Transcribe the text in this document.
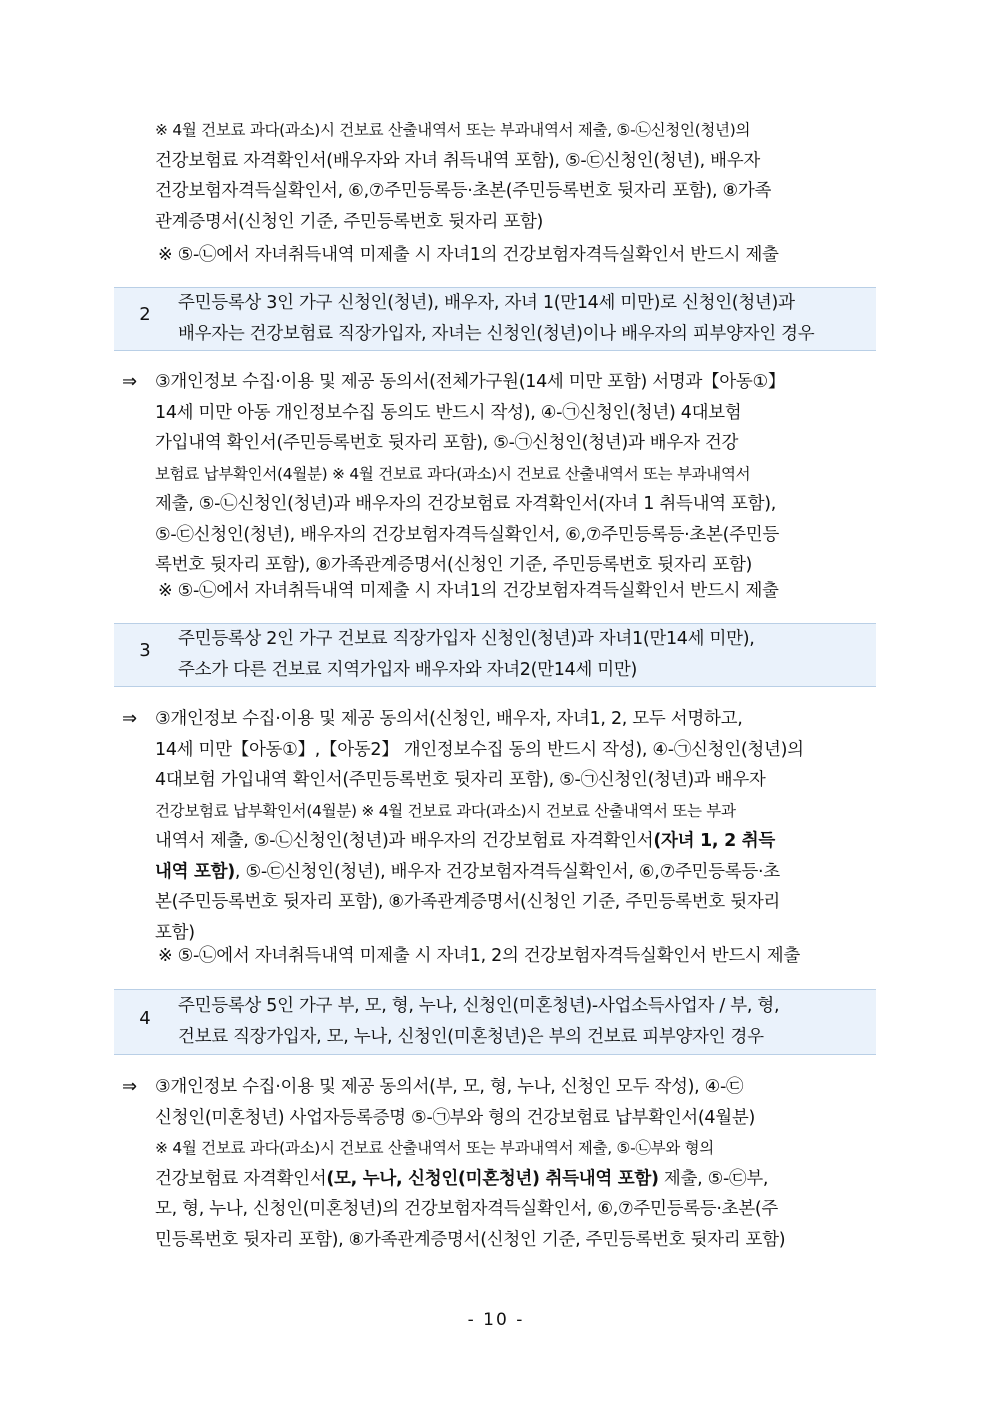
※ 4월 건보료 과다(과소)시 건보료 산출내역서 또는 부과내역서 제출, ⑤-㉡신청인(청년)의
건강보험료 자격확인서(배우자와 자녀 취득내역 포함), ⑤-㉢신청인(청년), 배우자
건강보험자격득실확인서, ⑥,⑦주민등록등·초본(주민등록번호 뒷자리 포함), ⑧가족
관계증명서(신청인 기준, 주민등록번호 뒷자리 포함)
※ ⑤-㉡에서 자녀취득내역 미제출 시 자녀1의 건강보험자격득실확인서 반드시 제출
2
주민등록상 3인 가구 신청인(청년), 배우자, 자녀 1(만14세 미만)로 신청인(청년)과
배우자는 건강보험료 직장가입자, 자녀는 신청인(청년)이나 배우자의 피부양자인 경우
⇒ ③개인정보 수집·이용 및 제공 동의서(전체가구원(14세 미만 포함) 서명과【아동①】
14세 미만 아동 개인정보수집 동의도 반드시 작성), ④-㉠신청인(청년) 4대보험
가입내역 확인서(주민등록번호 뒷자리 포함), ⑤-㉠신청인(청년)과 배우자 건강
보험료 납부확인서(4월분) ※ 4월 건보료 과다(과소)시 건보료 산출내역서 또는 부과내역서
제출, ⑤-㉡신청인(청년)과 배우자의 건강보험료 자격확인서(자녀 1 취득내역 포함),
⑤-㉢신청인(청년), 배우자의 건강보험자격득실확인서, ⑥,⑦주민등록등·초본(주민등
록번호 뒷자리 포함), ⑧가족관계증명서(신청인 기준, 주민등록번호 뒷자리 포함)
※ ⑤-㉡에서 자녀취득내역 미제출 시 자녀1의 건강보험자격득실확인서 반드시 제출
3
주민등록상 2인 가구 건보료 직장가입자 신청인(청년)과 자녀1(만14세 미만),
주소가 다른 건보료 지역가입자 배우자와 자녀2(만14세 미만)
⇒ ③개인정보 수집·이용 및 제공 동의서(신청인, 배우자, 자녀1, 2, 모두 서명하고,
14세 미만【아동①】,【아동2】 개인정보수집 동의 반드시 작성), ④-㉠신청인(청년)의
4대보험 가입내역 확인서(주민등록번호 뒷자리 포함), ⑤-㉠신청인(청년)과 배우자
건강보험료 납부확인서(4월분) ※ 4월 건보료 과다(과소)시 건보료 산출내역서 또는 부과
내역서 제출, ⑤-㉡신청인(청년)과 배우자의 건강보험료 자격확인서(자녀 1, 2 취득
내역 포함), ⑤-㉢신청인(청년), 배우자 건강보험자격득실확인서, ⑥,⑦주민등록등·초
본(주민등록번호 뒷자리 포함), ⑧가족관계증명서(신청인 기준, 주민등록번호 뒷자리
포함)
※ ⑤-㉡에서 자녀취득내역 미제출 시 자녀1, 2의 건강보험자격득실확인서 반드시 제출
4
주민등록상 5인 가구 부, 모, 형, 누나, 신청인(미혼청년)-사업소득사업자 / 부, 형,
건보료 직장가입자, 모, 누나, 신청인(미혼청년)은 부의 건보료 피부양자인 경우
⇒ ③개인정보 수집·이용 및 제공 동의서(부, 모, 형, 누나, 신청인 모두 작성), ④-㉢
신청인(미혼청년) 사업자등록증명 ⑤-㉠부와 형의 건강보험료 납부확인서(4월분)
※ 4월 건보료 과다(과소)시 건보료 산출내역서 또는 부과내역서 제출, ⑤-㉡부와 형의
건강보험료 자격확인서(모, 누나, 신청인(미혼청년) 취득내역 포함) 제출, ⑤-㉢부,
모, 형, 누나, 신청인(미혼청년)의 건강보험자격득실확인서, ⑥,⑦주민등록등·초본(주
민등록번호 뒷자리 포함), ⑧가족관계증명서(신청인 기준, 주민등록번호 뒷자리 포함)
- 10 -
